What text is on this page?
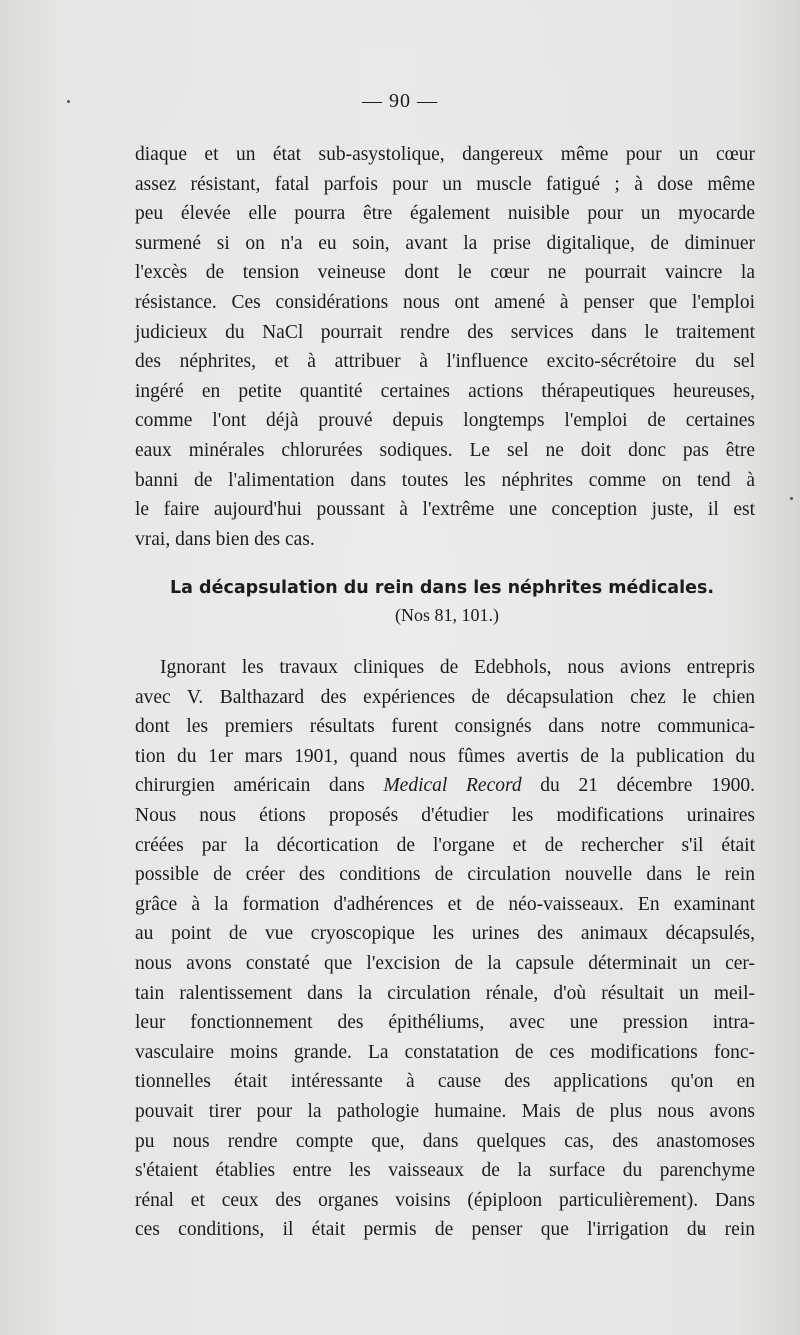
— 90 —
diaque et un état sub-asystolique, dangereux même pour un cœur
assez résistant, fatal parfois pour un muscle fatigué ; à dose même
peu élevée elle pourra être également nuisible pour un myocarde
surmené si on n'a eu soin, avant la prise digitalique, de diminuer
l'excès de tension veineuse dont le cœur ne pourrait vaincre la
résistance. Ces considérations nous ont amené à penser que l'emploi
judicieux du NaCl pourrait rendre des services dans le traitement
des néphrites, et à attribuer à l'influence excito-sécrétoire du sel
ingéré en petite quantité certaines actions thérapeutiques heureuses,
comme l'ont déjà prouvé depuis longtemps l'emploi de certaines
eaux minérales chlorurées sodiques. Le sel ne doit donc pas être
banni de l'alimentation dans toutes les néphrites comme on tend à
le faire aujourd'hui poussant à l'extrême une conception juste, il est
vrai, dans bien des cas.
La décapsulation du rein dans les néphrites médicales.
(Nos 81, 101.)
Ignorant les travaux cliniques de Edebhols, nous avions entrepris
avec V. Balthazard des expériences de décapsulation chez le chien
dont les premiers résultats furent consignés dans notre communica-
tion du 1er mars 1901, quand nous fûmes avertis de la publication du
chirurgien américain dans Medical Record du 21 décembre 1900.
Nous nous étions proposés d'étudier les modifications urinaires
créées par la décortication de l'organe et de rechercher s'il était
possible de créer des conditions de circulation nouvelle dans le rein
grâce à la formation d'adhérences et de néo-vaisseaux. En examinant
au point de vue cryoscopique les urines des animaux décapsulés,
nous avons constaté que l'excision de la capsule déterminait un cer-
tain ralentissement dans la circulation rénale, d'où résultait un meil-
leur fonctionnement des épithéliums, avec une pression intra-
vasculaire moins grande. La constatation de ces modifications fonc-
tionnelles était intéressante à cause des applications qu'on en
pouvait tirer pour la pathologie humaine. Mais de plus nous avons
pu nous rendre compte que, dans quelques cas, des anastomoses
s'étaient établies entre les vaisseaux de la surface du parenchyme
rénal et ceux des organes voisins (épiploon particulièrement). Dans
ces conditions, il était permis de penser que l'irrigation du rein
